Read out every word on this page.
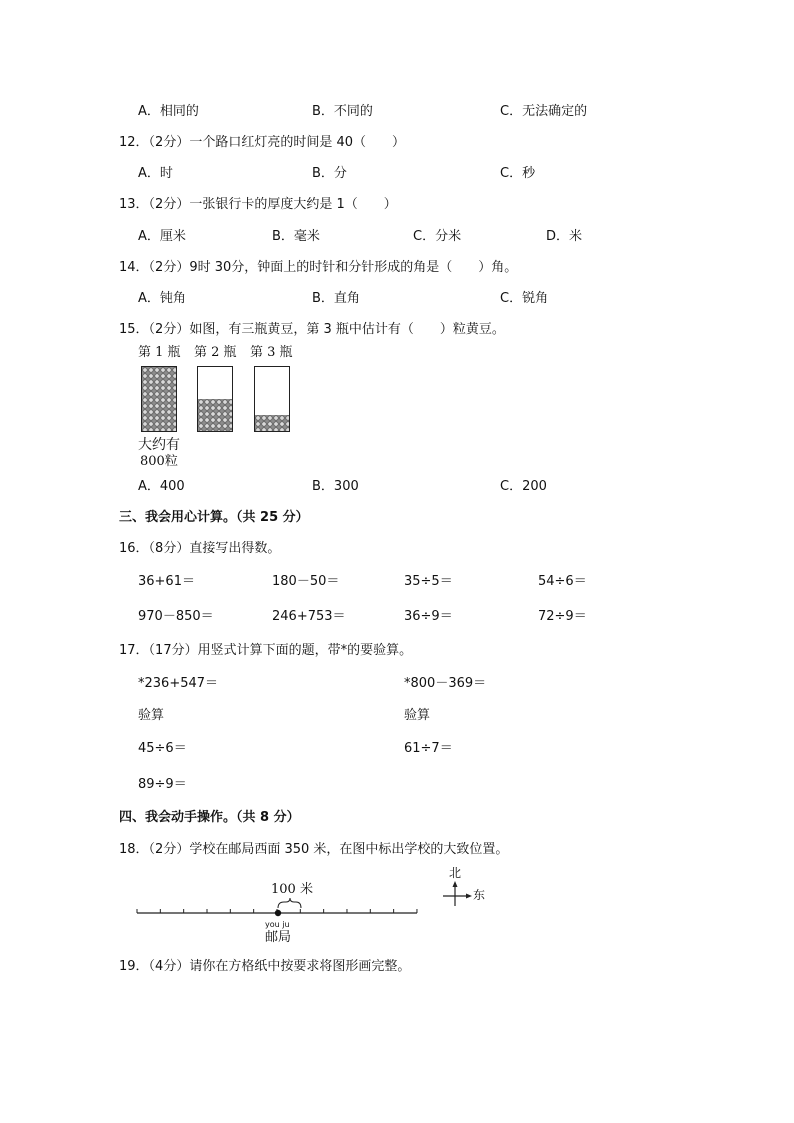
A．相同的	B．不同的	C．无法确定的
12．（2分）一个路口红灯亮的时间是 40（　　）
A．时	B．分	C．秒
13．（2分）一张银行卡的厚度大约是 1（　　）
A．厘米	B．毫米	C．分米	D．米
14．（2分）9时 30分，钟面上的时针和分针形成的角是（　　）角。
A．钝角	B．直角	C．锐角
15．（2分）如图，有三瓶黄豆，第 3 瓶中估计有（　　）粒黄豆。
第 1 瓶 第 2 瓶 第 3 瓶
大约有
800粒
A．400	B．300	C．200
三、我会用心计算。（共 25 分）
16．（8分）直接写出得数。
36+61＝	180－50＝	35÷5＝	54÷6＝
970－850＝	246+753＝	36÷9＝	72÷9＝
17．（17分）用竖式计算下面的题，带*的要验算。
*236+547＝	*800－369＝
验算	验算
45÷6＝	61÷7＝
89÷9＝
四、我会动手操作。（共 8 分）
18．（2分）学校在邮局西面 350 米，在图中标出学校的大致位置。
100 米
you ju
邮局
北
东
19．（4分）请你在方格纸中按要求将图形画完整。
